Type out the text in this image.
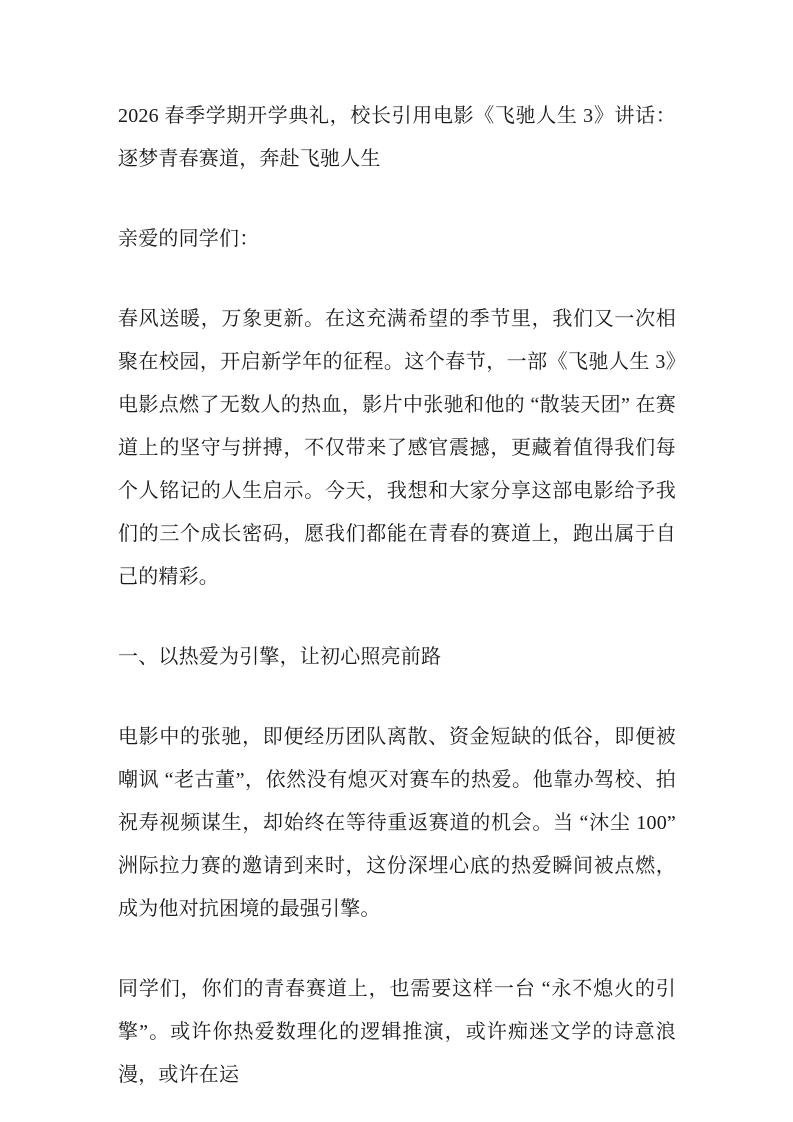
2026 春季学期开学典礼，校长引用电影《飞驰人生 3》讲话：逐梦青春赛道，奔赴飞驰人生
亲爱的同学们：
春风送暖，万象更新。在这充满希望的季节里，我们又一次相聚在校园，开启新学年的征程。这个春节，一部《飞驰人生 3》电影点燃了无数人的热血，影片中张驰和他的 “散装天团” 在赛道上的坚守与拼搏，不仅带来了感官震撼，更藏着值得我们每个人铭记的人生启示。今天，我想和大家分享这部电影给予我们的三个成长密码，愿我们都能在青春的赛道上，跑出属于自己的精彩。
一、以热爱为引擎，让初心照亮前路
电影中的张驰，即便经历团队离散、资金短缺的低谷，即便被嘲讽 “老古董”，依然没有熄灭对赛车的热爱。他靠办驾校、拍祝寿视频谋生，却始终在等待重返赛道的机会。当 “沐尘 100” 洲际拉力赛的邀请到来时，这份深埋心底的热爱瞬间被点燃，成为他对抗困境的最强引擎。
同学们，你们的青春赛道上，也需要这样一台 “永不熄火的引擎”。或许你热爱数理化的逻辑推演，或许痴迷文学的诗意浪漫，或许在运
